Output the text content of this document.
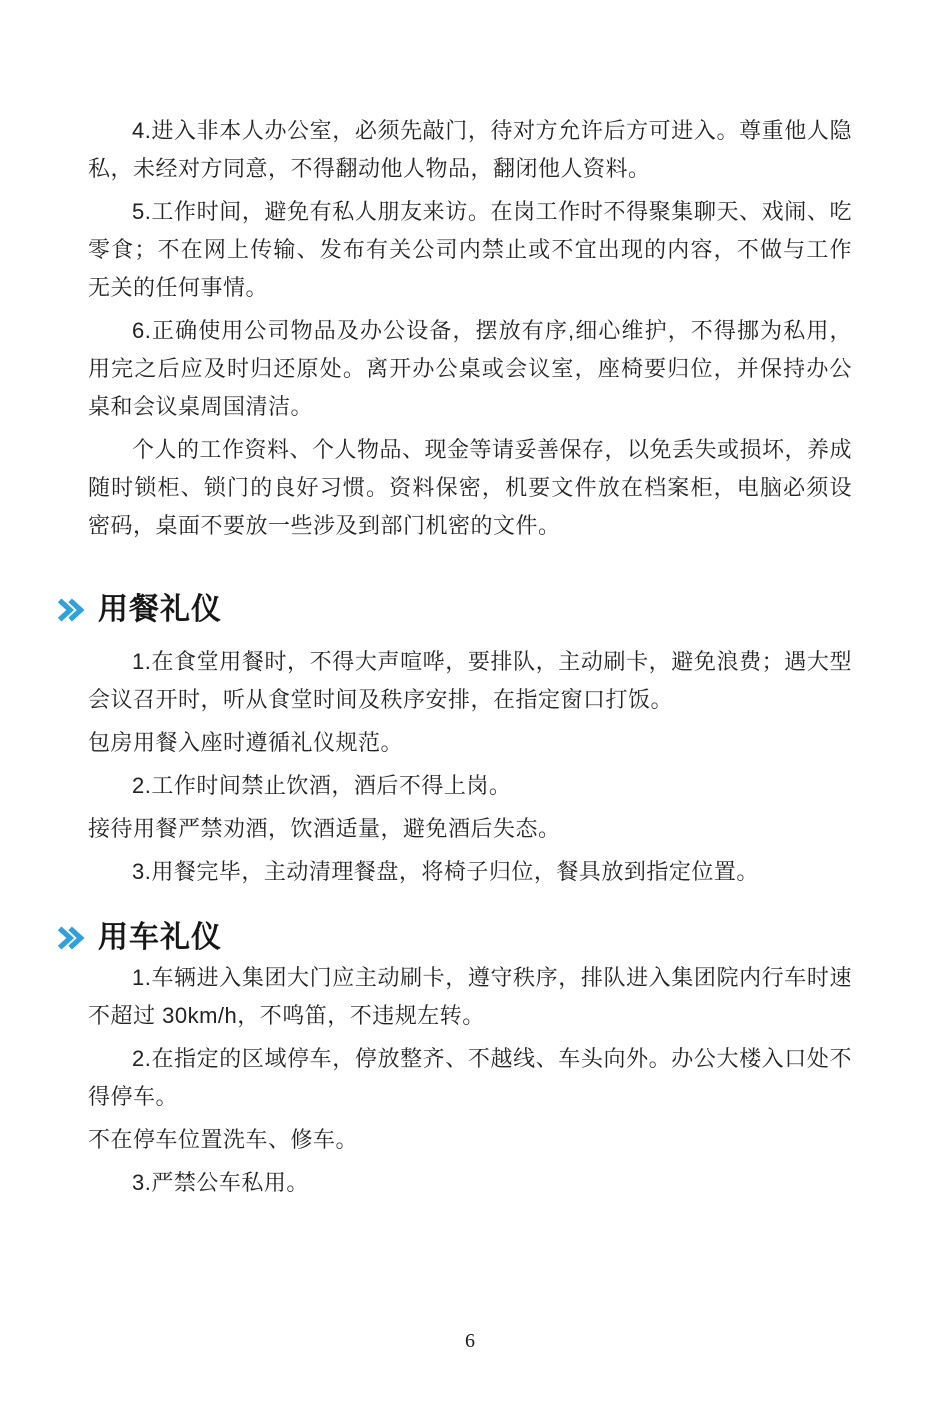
4.进入非本人办公室，必须先敲门，待对方允许后方可进入。尊重他人隐私，未经对方同意，不得翻动他人物品，翻闭他人资料。

5.工作时间，避免有私人朋友来访。在岗工作时不得聚集聊天、戏闹、吃零食；不在网上传输、发布有关公司内禁止或不宜出现的内容，不做与工作无关的任何事情。

6.正确使用公司物品及办公设备，摆放有序,细心维护，不得挪为私用，用完之后应及时归还原处。离开办公桌或会议室，座椅要归位，并保持办公桌和会议桌周国清洁。

个人的工作资料、个人物品、现金等请妥善保存，以免丢失或损坏，养成随时锁柜、锁门的良好习惯。资料保密，机要文件放在档案柜，电脑必须设密码，桌面不要放一些涉及到部门机密的文件。

用餐礼仪

1.在食堂用餐时，不得大声喧哗，要排队，主动刷卡，避免浪费；遇大型会议召开时，听从食堂时间及秩序安排，在指定窗口打饭。

包房用餐入座时遵循礼仪规范。

2.工作时间禁止饮酒，酒后不得上岗。

接待用餐严禁劝酒，饮酒适量，避免酒后失态。

3.用餐完毕，主动清理餐盘，将椅子归位，餐具放到指定位置。

用车礼仪

1.车辆进入集团大门应主动刷卡，遵守秩序，排队进入集团院内行车时速不超过 30km/h，不鸣笛，不违规左转。

2.在指定的区域停车，停放整齐、不越线、车头向外。办公大楼入口处不得停车。

不在停车位置洗车、修车。

3.严禁公车私用。

6
